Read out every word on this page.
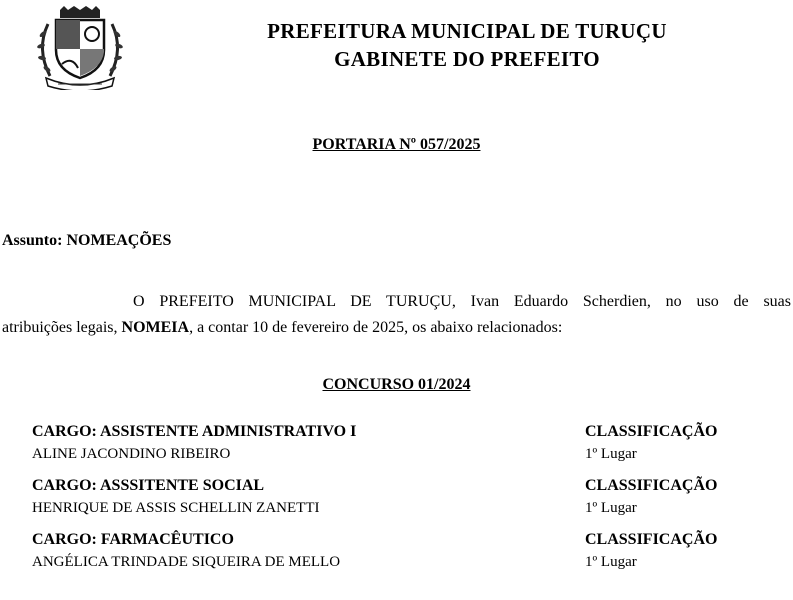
PREFEITURA MUNICIPAL DE TURUÇU
GABINETE DO PREFEITO
PORTARIA Nº 057/2025
Assunto: NOMEAÇÕES
O PREFEITO MUNICIPAL DE TURUÇU, Ivan Eduardo Scherdien, no uso de suas
atribuições legais, NOMEIA, a contar 10 de fevereiro de 2025, os abaixo relacionados:
CONCURSO 01/2024
CARGO: ASSISTENTE ADMINISTRATIVO I
ALINE JACONDINO RIBEIRO
CLASSIFICAÇÃO
1º Lugar
CARGO: ASSSITENTE SOCIAL
HENRIQUE DE ASSIS SCHELLIN ZANETTI
CLASSIFICAÇÃO
1º Lugar
CARGO: FARMACÊUTICO
ANGÉLICA TRINDADE SIQUEIRA DE MELLO
CLASSIFICAÇÃO
1º Lugar
